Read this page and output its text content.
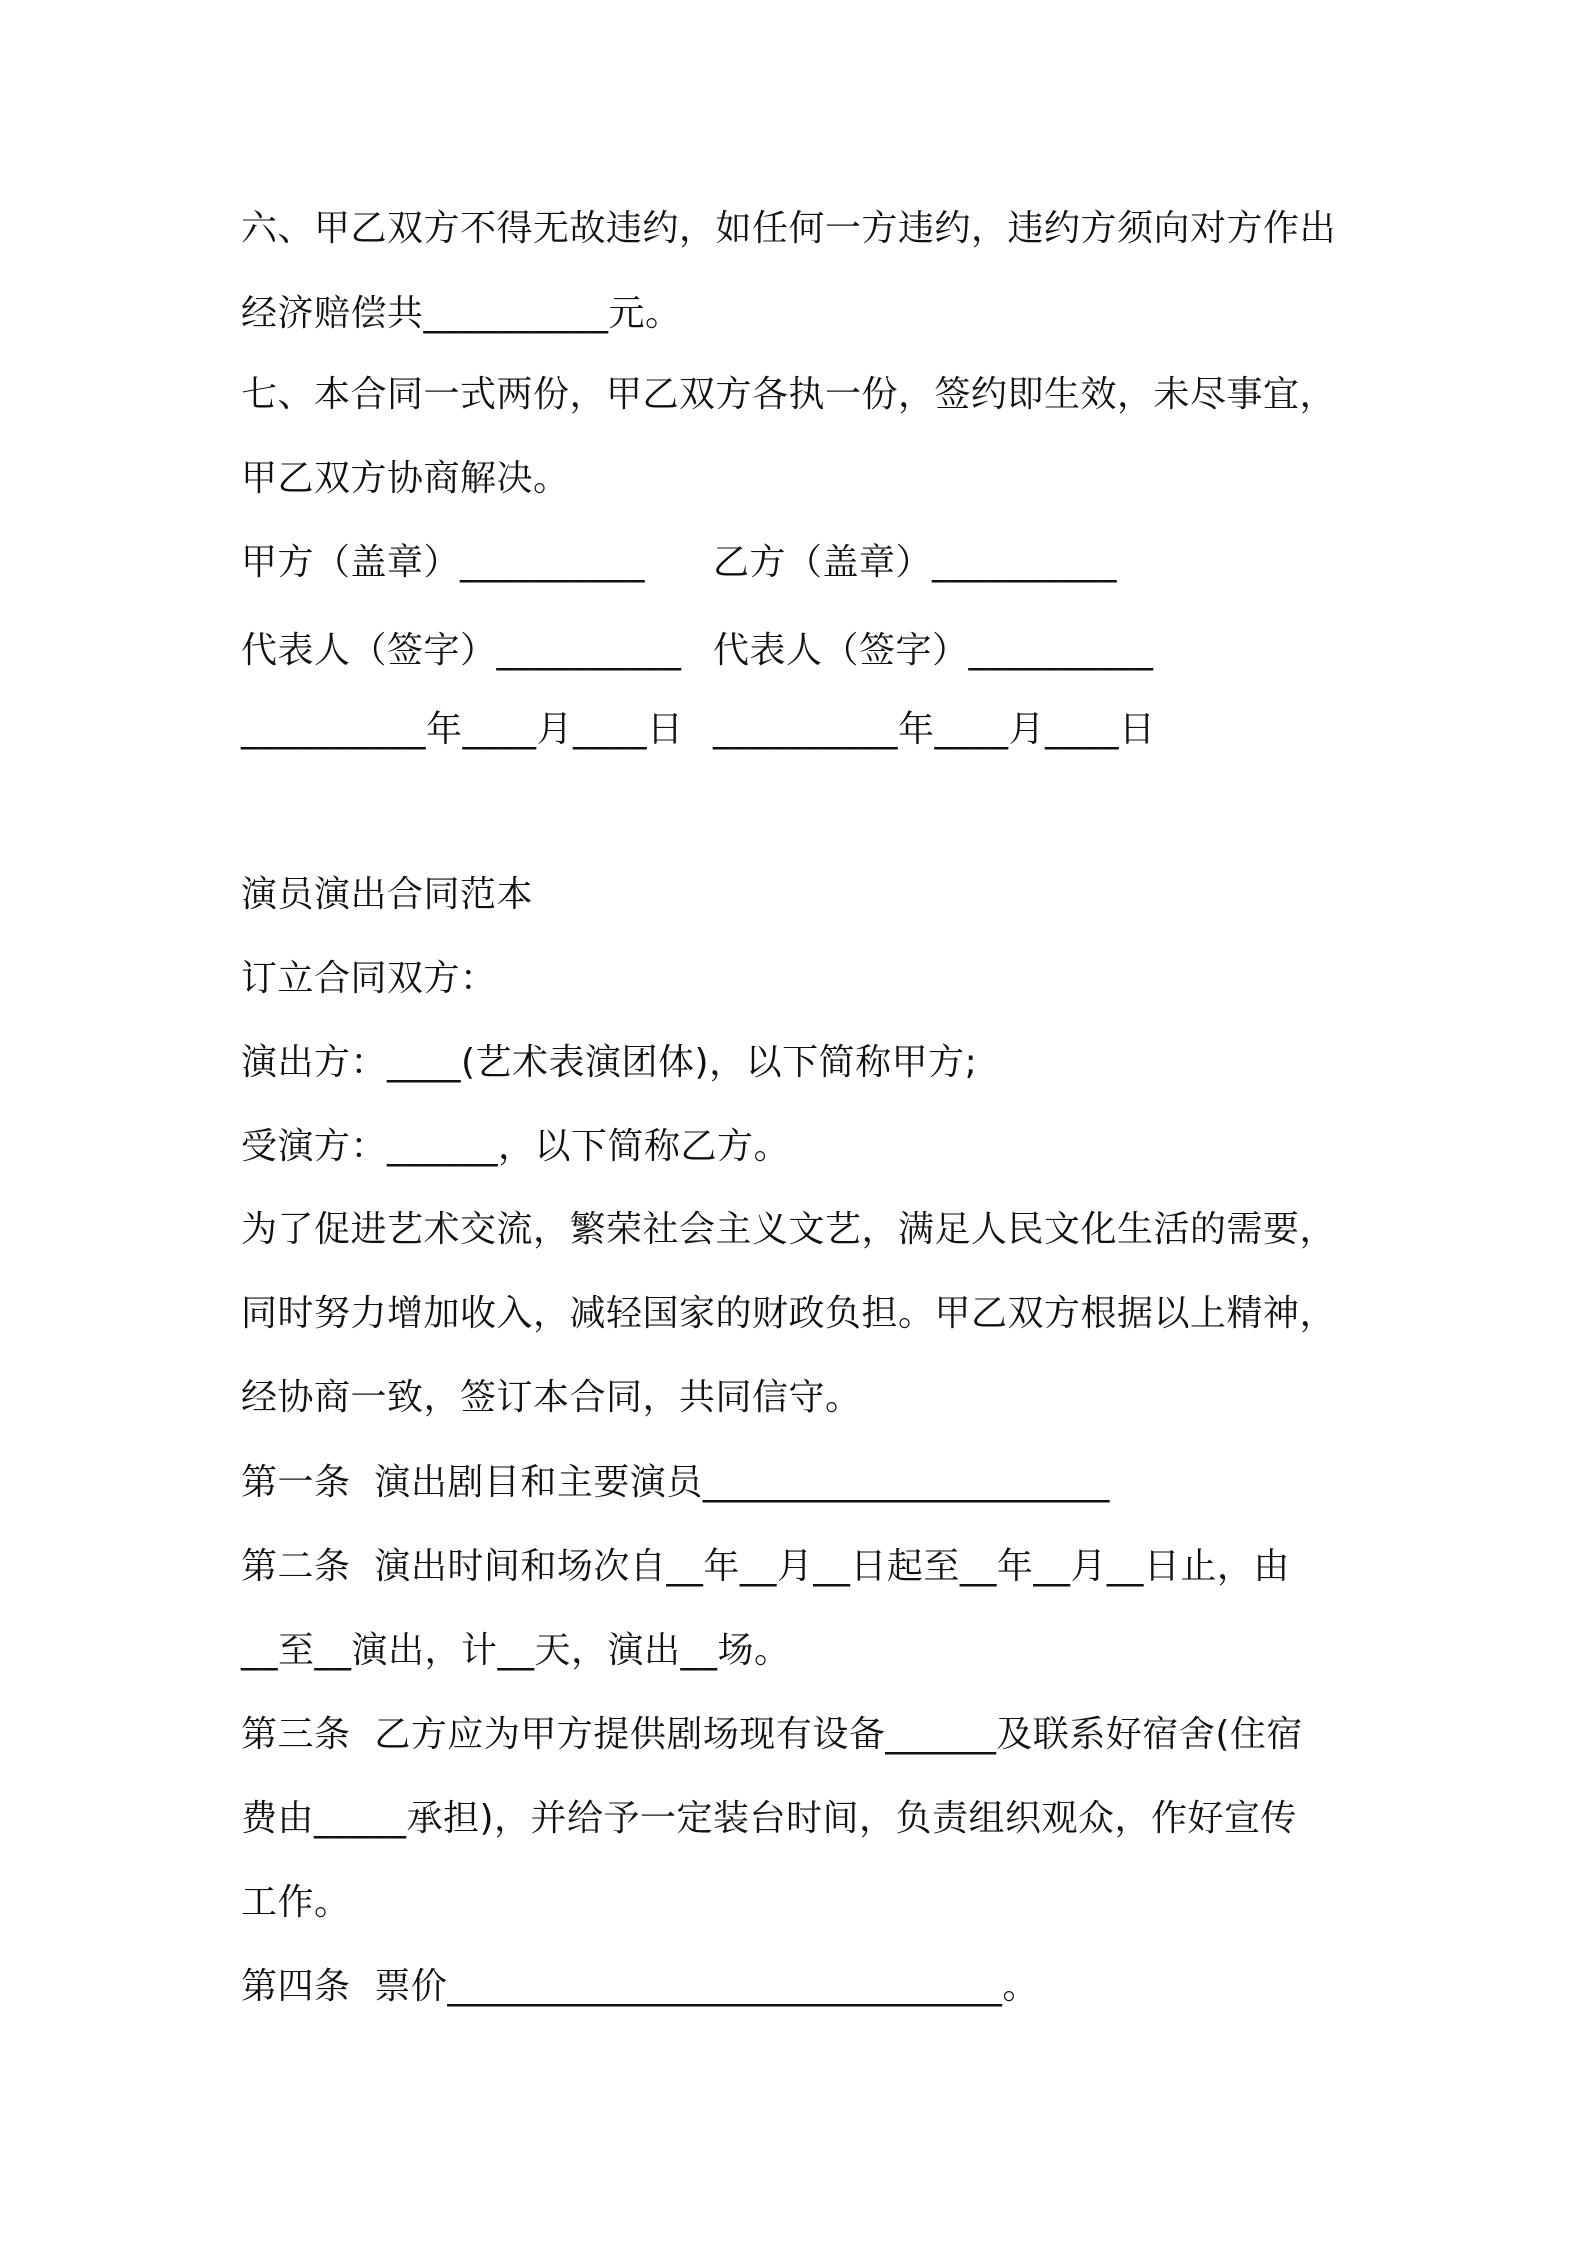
六、甲乙双方不得无故违约，如任何一方违约，违约方须向对方作出
经济赔偿共__________元。
七、本合同一式两份，甲乙双方各执一份，签约即生效，未尽事宜，
甲乙双方协商解决。
甲方（盖章）__________ 乙方（盖章）__________
代表人（签字）__________ 代表人（签字）__________
__________年____月____日 __________年____月____日
演员演出合同范本
订立合同双方：
演出方：____(艺术表演团体)，以下简称甲方;
受演方：______，以下简称乙方。
为了促进艺术交流，繁荣社会主义文艺，满足人民文化生活的需要，
同时努力增加收入，减轻国家的财政负担。甲乙双方根据以上精神，
经协商一致，签订本合同，共同信守。
第一条  演出剧目和主要演员______________________
第二条  演出时间和场次自__年__月__日起至__年__月__日止，由
__至__演出，计__天，演出__场。
第三条  乙方应为甲方提供剧场现有设备______及联系好宿舍(住宿
费由_____承担)，并给予一定装台时间，负责组织观众，作好宣传
工作。
第四条  票价______________________________。
